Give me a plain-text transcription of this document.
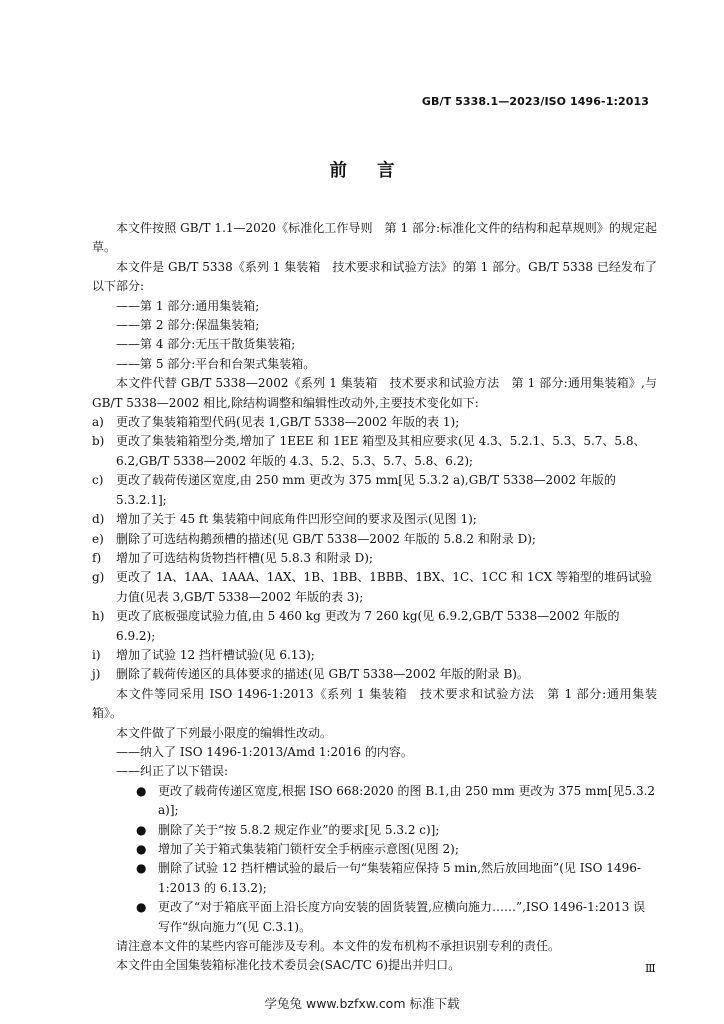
GB/T 5338.1—2023/ISO 1496-1:2013
前言

本文件按照 GB/T 1.1—2020《标准化工作导则　第 1 部分:标准化文件的结构和起草规则》的规定起草。

本文件是 GB/T 5338《系列 1 集装箱　技术要求和试验方法》的第 1 部分。GB/T 5338 已经发布了以下部分:

——第 1 部分:通用集装箱;

——第 2 部分:保温集装箱;

——第 4 部分:无压干散货集装箱;

——第 5 部分:平台和台架式集装箱。

本文件代替 GB/T 5338—2002《系列 1 集装箱　技术要求和试验方法　第 1 部分:通用集装箱》,与 GB/T 5338—2002 相比,除结构调整和编辑性改动外,主要技术变化如下:

a)	更改了集装箱箱型代码(见表 1,GB/T 5338—2002 年版的表 1);
b) 更改了集装箱箱型分类,增加了 1EEE 和 1EE 箱型及其相应要求(见 4.3、5.2.1、5.3、5.7、5.8、6.2,GB/T 5338—2002 年版的 4.3、5.2、5.3、5.7、5.8、6.2);
c)	更改了载荷传递区宽度,由 250 mm 更改为 375 mm[见 5.3.2 a),GB/T 5338—2002 年版的 5.3.2.1];
d) 增加了关于 45 ft 集装箱中间底角件凹形空间的要求及图示(见图 1);
e)	删除了可选结构鹅颈槽的描述(见 GB/T 5338—2002 年版的 5.8.2 和附录 D);
f)	增加了可选结构货物挡杆槽(见 5.8.3 和附录 D);
g) 更改了 1A、1AA、1AAA、1AX、1B、1BB、1BBB、1BX、1C、1CC 和 1CX 等箱型的堆码试验力值(见表 3,GB/T 5338—2002 年版的表 3);
h) 更改了底板强度试验力值,由 5 460 kg 更改为 7 260 kg(见 6.9.2,GB/T 5338—2002 年版的 6.9.2);
i)	增加了试验 12 挡杆槽试验(见 6.13);
j)	删除了载荷传递区的具体要求的描述(见 GB/T 5338—2002 年版的附录 B)。

本文件等同采用 ISO 1496-1:2013《系列 1 集装箱　技术要求和试验方法　第 1 部分:通用集装箱》。

本文件做了下列最小限度的编辑性改动。

——纳入了 ISO 1496-1:2013/Amd 1:2016 的内容。

——纠正了以下错误:

● 更改了载荷传递区宽度,根据 ISO 668:2020 的图 B.1,由 250 mm 更改为 375 mm[见5.3.2 a)];
● 删除了关于“按 5.8.2 规定作业”的要求[见 5.3.2 c)];
● 增加了关于箱式集装箱门锁杆安全手柄座示意图(见图 2);
● 删除了试验 12 挡杆槽试验的最后一句“集装箱应保持 5 min,然后放回地面”(见 ISO 1496-1:2013 的 6.13.2);
● 更改了“对于箱底平面上沿长度方向安装的固货装置,应横向施力……”,ISO 1496-1:2013 误写作“纵向施力”(见 C.3.1)。

请注意本文件的某些内容可能涉及专利。本文件的发布机构不承担识别专利的责任。

本文件由全国集装箱标准化技术委员会(SAC/TC 6)提出并归口。	Ⅲ
学兔兔 www.bzfxw.com 标准下载
